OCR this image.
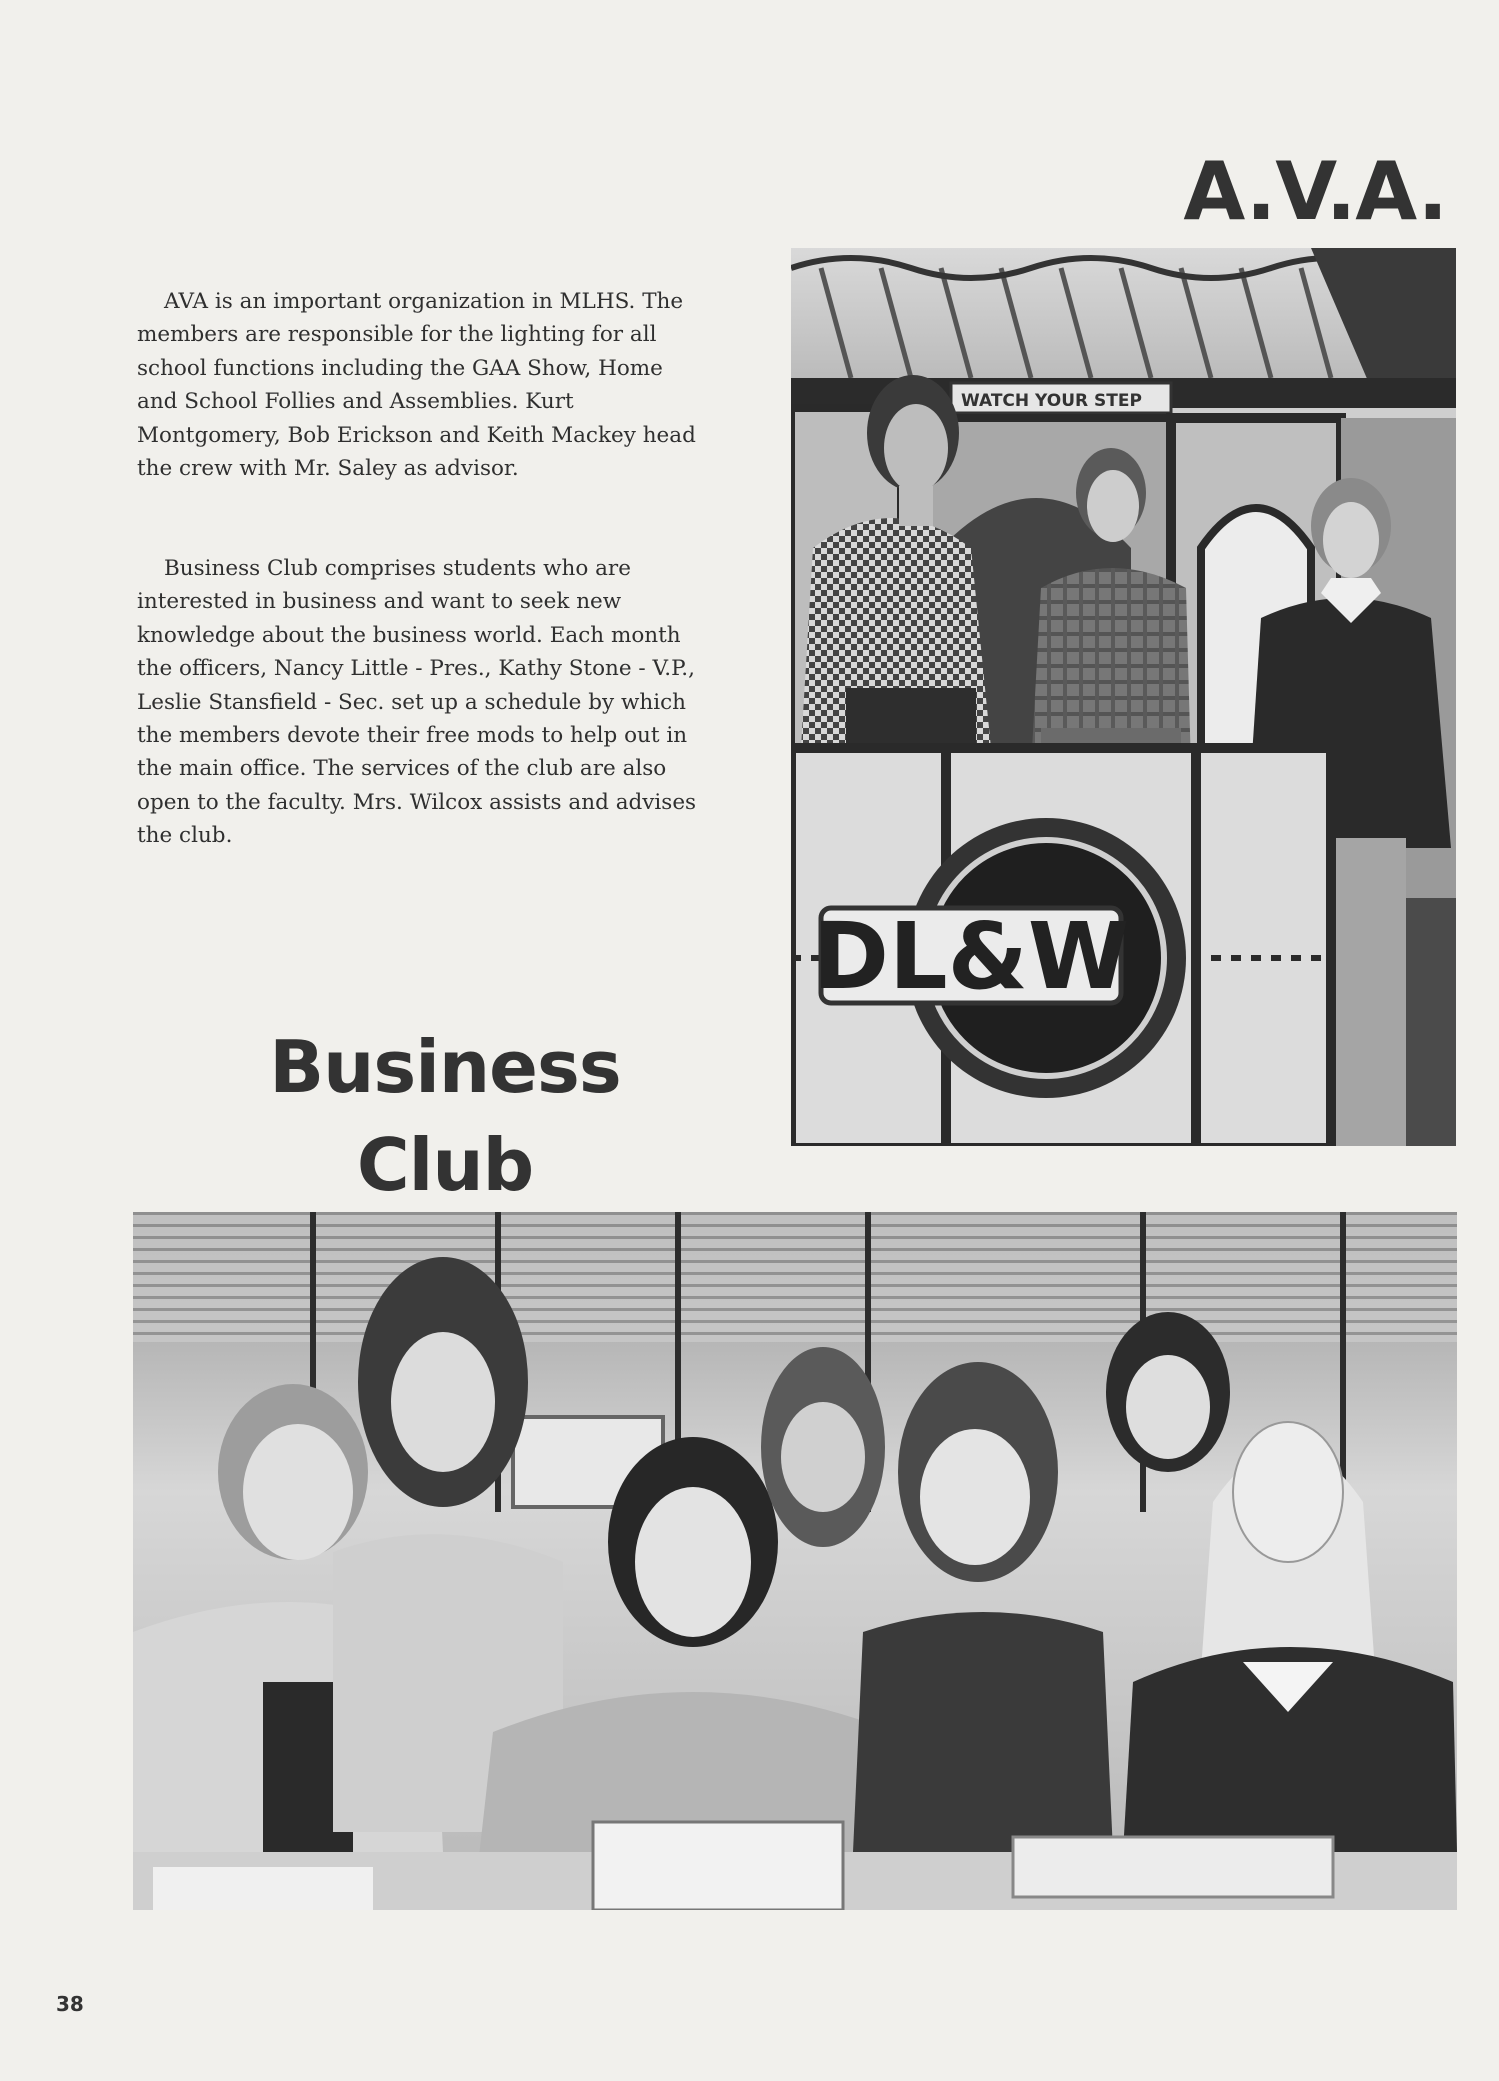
A.V.A.

AVA is an important organization in MLHS. The members are responsible for the lighting for all school functions including the GAA Show, Home and School Follies and Assemblies. Kurt Montgomery, Bob Erickson and Keith Mackey head the crew with Mr. Saley as advisor.

Business Club comprises students who are interested in business and want to seek new knowledge about the business world. Each month the officers, Nancy Little - Pres., Kathy Stone - V.P., Leslie Stansfield - Sec. set up a schedule by which the members devote their free mods to help out in the main office. The services of the club are also open to the faculty. Mrs. Wilcox assists and advises the club.

Business
Club
WATCH YOUR STEP
DL&W
38
